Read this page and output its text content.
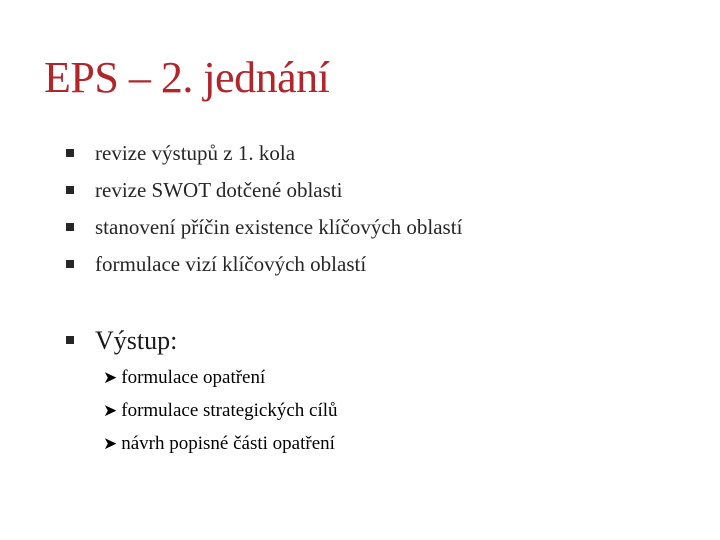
EPS – 2. jednání
revize výstupů z 1. kola
revize SWOT dotčené oblasti
stanovení příčin existence klíčových oblastí
formulace vizí klíčových oblastí
Výstup:
➤ formulace opatření
➤ formulace strategických cílů
➤ návrh popisné části opatření
